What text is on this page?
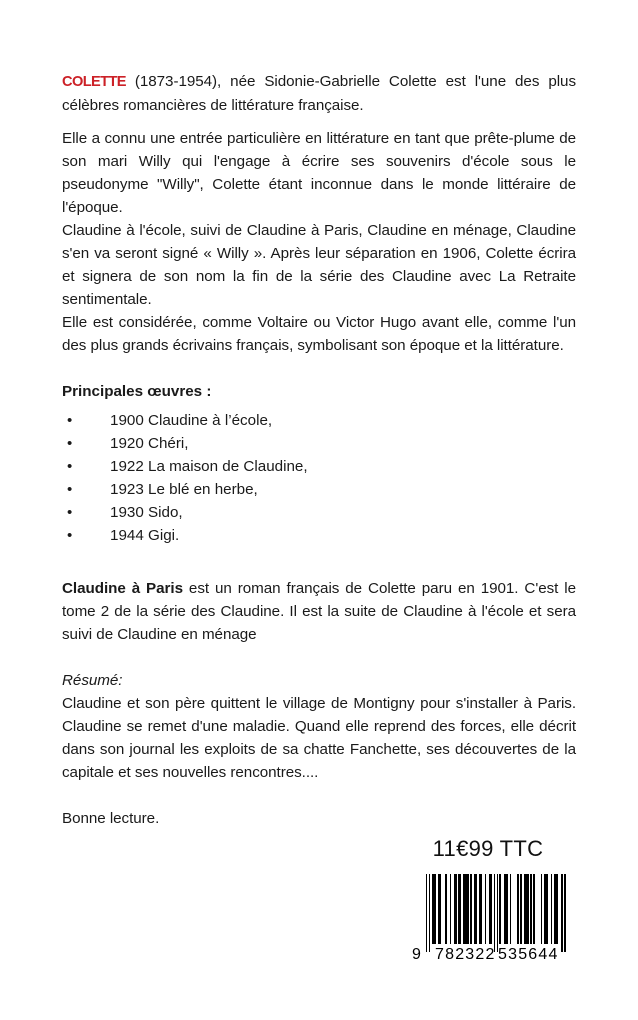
COLETTE (1873-1954), née Sidonie-Gabrielle Colette est l'une des plus célèbres romancières de littérature française.

Elle a connu une entrée particulière en littérature en tant que prête-plume de son mari Willy qui l'engage à écrire ses souvenirs d'école sous le pseudonyme "Willy", Colette étant inconnue dans le monde littéraire de l'époque.

Claudine à l'école, suivi de Claudine à Paris, Claudine en ménage, Claudine s'en va seront signé « Willy ». Après leur séparation en 1906, Colette écrira et signera de son nom la fin de la série des Claudine avec La Retraite sentimentale.

Elle est considérée, comme Voltaire ou Victor Hugo avant elle, comme l'un des plus grands écrivains français, symbolisant son époque et la littérature.

Principales œuvres :
• 1900 Claudine à l’école,
• 1920 Chéri,
• 1922 La maison de Claudine,
• 1923 Le blé en herbe,
• 1930 Sido,
• 1944 Gigi.

Claudine à Paris est un roman français de Colette paru en 1901. C'est le tome 2 de la série des Claudine. Il est la suite de Claudine à l'école et sera suivi de Claudine en ménage

Résumé:

Claudine et son père quittent le village de Montigny pour s'installer à Paris. Claudine se remet d'une maladie. Quand elle reprend des forces, elle décrit dans son journal les exploits de sa chatte Fanchette, ses découvertes de la capitale et ses nouvelles rencontres....

Bonne lecture.

11€99 TTC
9 782322 535644
